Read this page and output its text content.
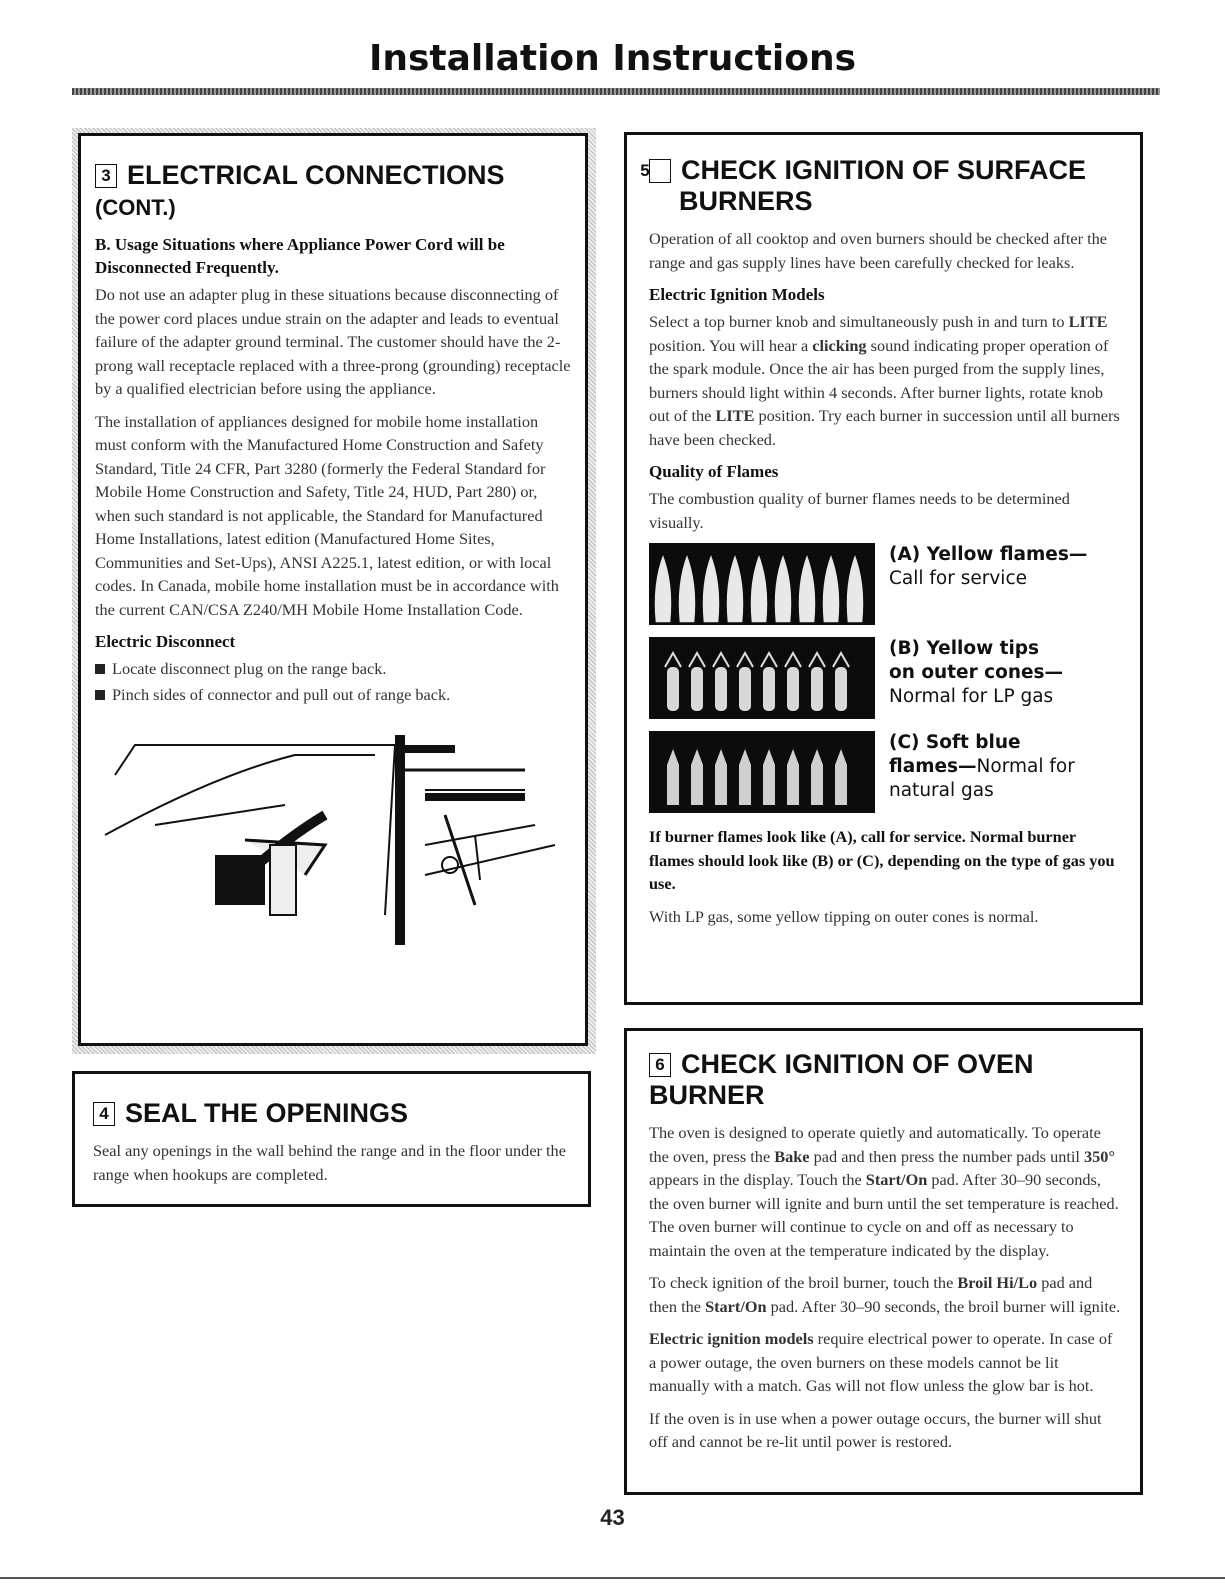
Installation Instructions
3 ELECTRICAL CONNECTIONS (CONT.)

B. Usage Situations where Appliance Power Cord will be Disconnected Frequently.

Do not use an adapter plug in these situations because disconnecting of the power cord places undue strain on the adapter and leads to eventual failure of the adapter ground terminal. The customer should have the 2-prong wall receptacle replaced with a three-prong (grounding) receptacle by a qualified electrician before using the appliance.

The installation of appliances designed for mobile home installation must conform with the Manufactured Home Construction and Safety Standard, Title 24 CFR, Part 3280 (formerly the Federal Standard for Mobile Home Construction and Safety, Title 24, HUD, Part 280) or, when such standard is not applicable, the Standard for Manufactured Home Installations, latest edition (Manufactured Home Sites, Communities and Set-Ups), ANSI A225.1, latest edition, or with local codes. In Canada, mobile home installation must be in accordance with the current CAN/CSA Z240/MH Mobile Home Installation Code.

Electric Disconnect

Locate disconnect plug on the range back.

Pinch sides of connector and pull out of range back.

4 SEAL THE OPENINGS

Seal any openings in the wall behind the range and in the floor under the range when hookups are completed.

5 CHECK IGNITION OF SURFACE BURNERS

Operation of all cooktop and oven burners should be checked after the range and gas supply lines have been carefully checked for leaks.

Electric Ignition Models

Select a top burner knob and simultaneously push in and turn to LITE position. You will hear a clicking sound indicating proper operation of the spark module. Once the air has been purged from the supply lines, burners should light within 4 seconds. After burner lights, rotate knob out of the LITE position. Try each burner in succession until all burners have been checked.

Quality of Flames

The combustion quality of burner flames needs to be determined visually.

(A) Yellow flames—
Call for service
(B) Yellow tips on outer cones—
Normal for LP gas
(C) Soft blue flames—Normal for natural gas

If burner flames look like (A), call for service. Normal burner flames should look like (B) or (C), depending on the type of gas you use.

With LP gas, some yellow tipping on outer cones is normal.

6 CHECK IGNITION OF OVEN BURNER

The oven is designed to operate quietly and automatically. To operate the oven, press the Bake pad and then press the number pads until 350° appears in the display. Touch the Start/On pad. After 30–90 seconds, the oven burner will ignite and burn until the set temperature is reached. The oven burner will continue to cycle on and off as necessary to maintain the oven at the temperature indicated by the display.

To check ignition of the broil burner, touch the Broil Hi/Lo pad and then the Start/On pad. After 30–90 seconds, the broil burner will ignite.

Electric ignition models require electrical power to operate. In case of a power outage, the oven burners on these models cannot be lit manually with a match. Gas will not flow unless the glow bar is hot.

If the oven is in use when a power outage occurs, the burner will shut off and cannot be re-lit until power is restored.

43
